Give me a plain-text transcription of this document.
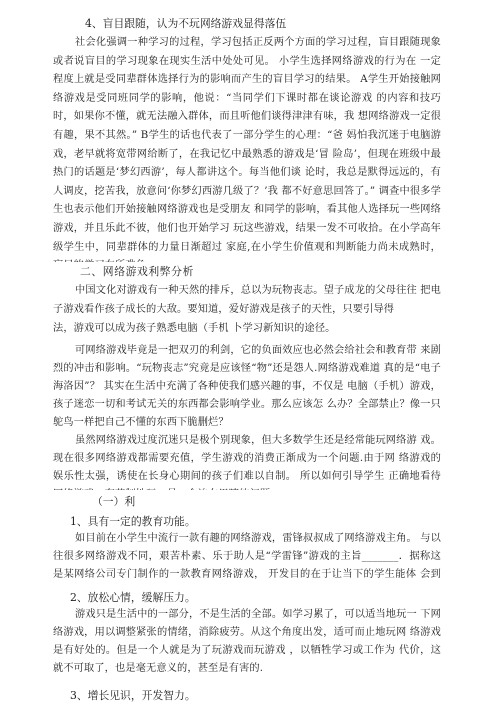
4、盲目跟随，认为不玩网络游戏显得落伍

社会化强调一种学习的过程，学习包括正反两个方面的学习过程，盲目跟随现象或者说盲目的学习现象在现实生活中处处可见。 小学生选择网络游戏的行为在 一定程度上就是受同辈群体选择行为的影响而产生的盲目学习的结果。 A学生开始接触网络游戏是受同班同学的影响，他说：“当同学们下课时都在谈论游戏 的内容和技巧时，如果你不懂，就无法融入群体，而且听他们谈得津津有味，我 想网络游戏一定很有趣，果不其然。” B学生的话也代表了一部分学生的心理：“爸 妈怕我沉迷于电脑游戏，老早就将宽带网给断了，在我记忆中最熟悉的游戏是‘冒 险岛’，但现在班级中最热门的话题是‘梦幻西游’，每人都讲这个。每当他们谈 论时，我总是默得远远的，有人调皮，挖苦我，放意问‘你梦幻西游几级了？’我 都不好意思回答了。” 调查中很多学生也表示他们开始接触网络游戏也是受朋友 和同学的影响，看其他人选择玩一些网络游戏，并且乐此不彼，他们也开始学习 玩这些游戏，结果一发不可收拾。在小学高年级学生中，同辈群体的力量日渐超过 家庭,在小学生价值观和判断能力尚未成熟时，

二、网络游戏利弊分析

中国文化对游戏有一种天然的排斥，总以为玩物丧志。望子成龙的父母往往 把电子游戏看作孩子成长的大敌。要知道，爱好游戏是孩子的天性，只要引导得

法，游戏可以成为孩子熟悉电脑（手机 卜学习新知识的途径。

可网络游戏毕竟是一把双刃的利剑，它的负面效应也必然会给社会和教育带 来剧烈的冲击和影响。“玩物丧志”究竟是应该怪“物”还是怨人.网络游戏难道 真的是“电子海洛因”？ 其实在生活中充满了各种使我们感兴趣的事，不仅是 电脑（手机）游戏，孩子迷恋一切和考试无关的东西都会影响学业。那么应该怎 么办？全部禁止？像一只鸵鸟一样把自己不懂的东西下脆删烂？

虽然网络游戏过度沉迷只是极个别现象，但大多数学生还是经常能玩网络游 戏。现在很多网络游戏都需要充值，学生游戏的消费正渐成为一个问题.由于网 络游戏的娱乐性太强，诱使在长身心期间的孩子们难以自制。 所以如何引导学生 正确地看待

（一）利

1、具有一定的教育功能。

如目前在小学生中流行一款有趣的网络游戏，雷锋叔叔成了网络游戏主角。 与以往很多网络游戏不同，艰苦朴素、乐于助人是“学雷锋”游戏的主旨_______．据称这是某网络公司专门制作的一款教育网络游戏， 开发目的在于让当下的学生能体 会到

2、放松心情，缓解压力。

游戏只是生活中的一部分，不是生活的全部。如学习累了，可以适当地玩一 下网络游戏，用以调整紧张的情绪，消除疲劳。从这个角度出发，适可而止地玩网 络游戏是有好处的。但是一个人就是为了玩游戏而玩游戏 ，以牺牲学习或工作为 代价，这就不可取了，也是毫无意义的，甚至是有害的.

3、增长见识，开发智力。
